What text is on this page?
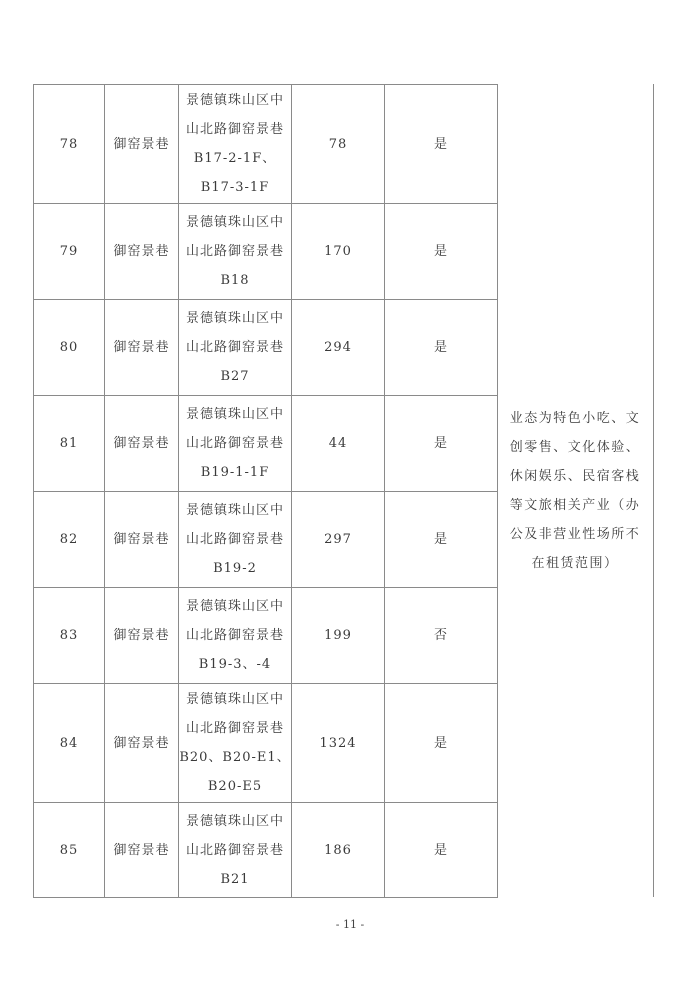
78	御窑景巷	景德镇珠山区中
山北路御窑景巷
B17-2-1F、
B17-3-1F	78	是
79	御窑景巷	景德镇珠山区中
山北路御窑景巷
B18	170	是
80	御窑景巷	景德镇珠山区中
山北路御窑景巷
B27	294	是
81	御窑景巷	景德镇珠山区中
山北路御窑景巷
B19-1-1F	44	是
82	御窑景巷	景德镇珠山区中
山北路御窑景巷
B19-2	297	是
83	御窑景巷	景德镇珠山区中
山北路御窑景巷
B19-3、-4	199	否
84	御窑景巷	景德镇珠山区中
山北路御窑景巷
B20、B20-E1、
B20-E5	1324	是
85	御窑景巷	景德镇珠山区中
山北路御窑景巷
B21	186	是
业态为特色小吃、文创零售、文化体验、休闲娱乐、民宿客栈等文旅相关产业（办公及非营业性场所不在租赁范围）
- 11 -
